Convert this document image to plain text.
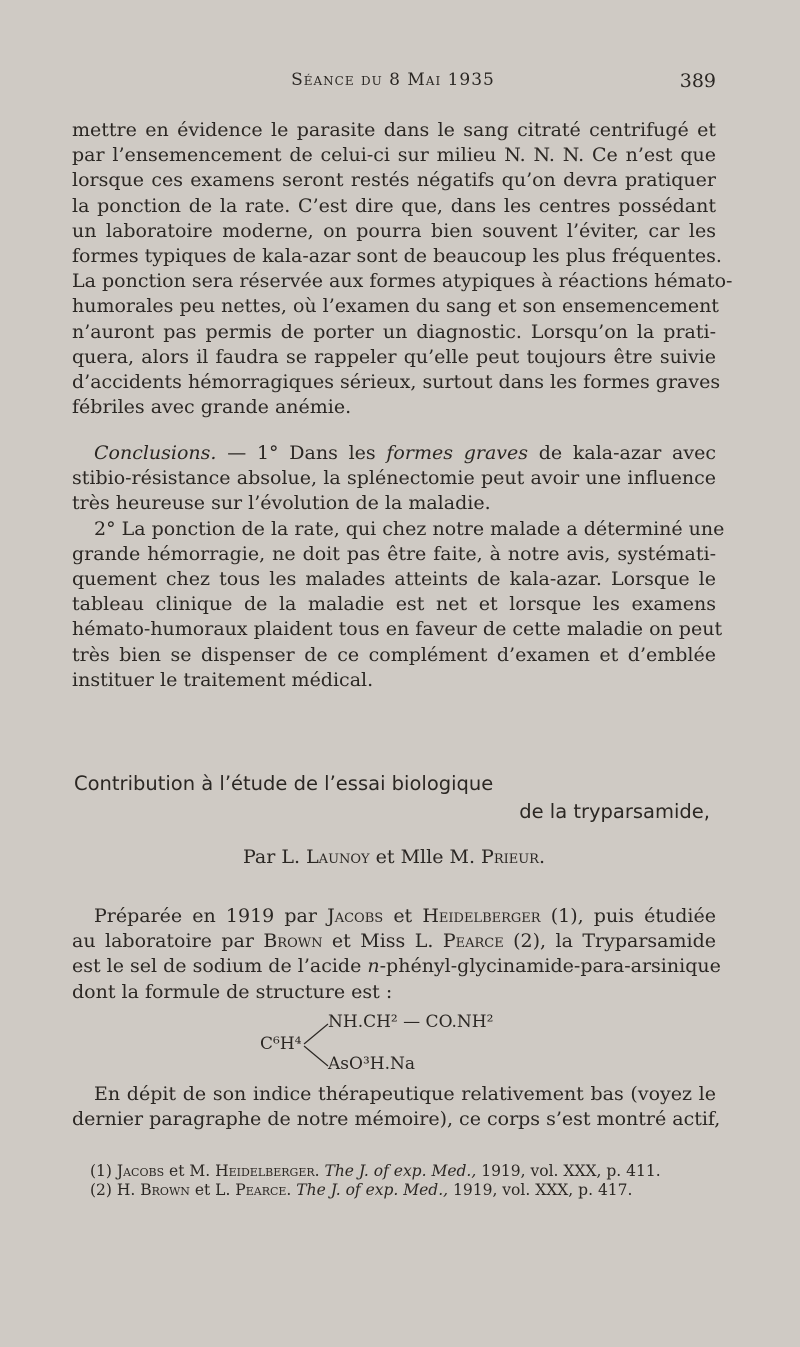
Séance du 8 Mai 1935	389
mettre en évidence le parasite dans le sang citraté centrifugé et
par l’ensemencement de celui-ci sur milieu N. N. N. Ce n’est que
lorsque ces examens seront restés négatifs qu’on devra pratiquer
la ponction de la rate. C’est dire que, dans les centres possédant
un laboratoire moderne, on pourra bien souvent l’éviter, car les
formes typiques de kala-azar sont de beaucoup les plus fréquentes.
La ponction sera réservée aux formes atypiques à réactions hémato-
humorales peu nettes, où l’examen du sang et son ensemencement
n’auront pas permis de porter un diagnostic. Lorsqu’on la prati-
quera, alors il faudra se rappeler qu’elle peut toujours être suivie
d’accidents hémorragiques sérieux, surtout dans les formes graves
fébriles avec grande anémie.
Conclusions. — 1° Dans les formes graves de kala-azar avec
stibio-résistance absolue, la splénectomie peut avoir une influence
très heureuse sur l’évolution de la maladie.
2° La ponction de la rate, qui chez notre malade a déterminé une
grande hémorragie, ne doit pas être faite, à notre avis, systémati-
quement chez tous les malades atteints de kala-azar. Lorsque le
tableau clinique de la maladie est net et lorsque les examens
hémato-humoraux plaident tous en faveur de cette maladie on peut
très bien se dispenser de ce complément d’examen et d’emblée
instituer le traitement médical.
Contribution à l’étude de l’essai biologique
de la tryparsamide,
Par L. Launoy et Mlle M. Prieur.
Préparée en 1919 par Jacobs et Heidelberger (1), puis étudiée
au laboratoire par Brown et Miss L. Pearce (2), la Tryparsamide
est le sel de sodium de l’acide n-phényl-glycinamide-para-arsinique
dont la formule de structure est :
NH.CH² — CO.NH²
C⁶H⁴
AsO³H.Na
En dépit de son indice thérapeutique relativement bas (voyez le
dernier paragraphe de notre mémoire), ce corps s’est montré actif,
(1) Jacobs et M. Heidelberger. The J. of exp. Med., 1919, vol. XXX, p. 411.
(2) H. Brown et L. Pearce. The J. of exp. Med., 1919, vol. XXX, p. 417.
